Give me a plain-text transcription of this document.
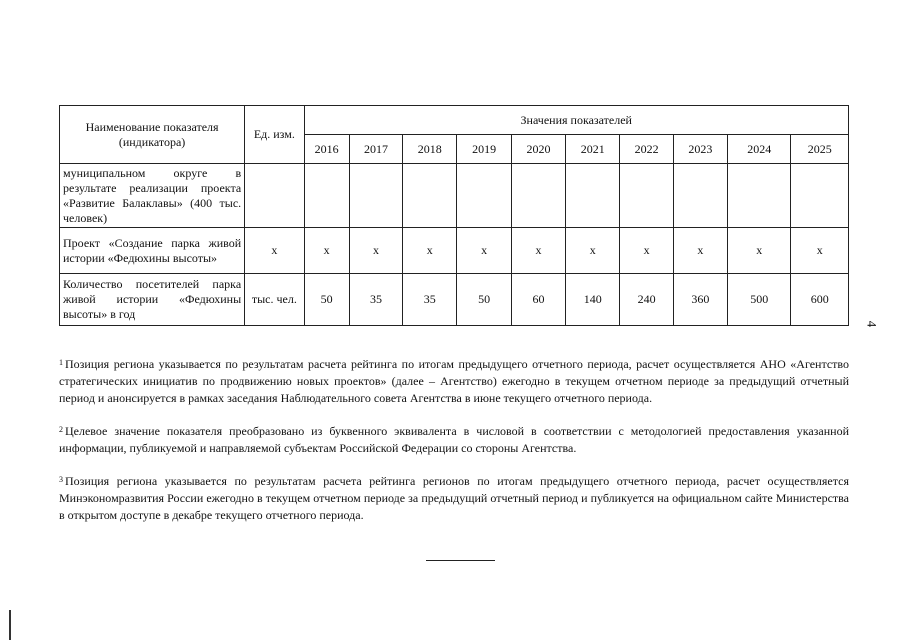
Наименование показателя (индикатора)	Ед. изм.	Значения показателей									
		2016	2017	2018	2019	2020	2021	2022	2023	2024	2025
муниципальном округе в результате реализации проекта «Развитие Балаклавы» (400 тыс. человек)											
Проект «Создание парка живой истории «Федюхины высоты»	х	х	х	х	х	х	х	х	х	х	х
Количество посетителей парка живой истории «Федюхины высоты» в год	тыс. чел.	50	35	35	50	60	140	240	360	500	600

$^1$ Позиция региона указывается по результатам расчета рейтинга по итогам предыдущего отчетного периода, расчет осуществляется АНО «Агентство стратегических инициатив по продвижению новых проектов» (далее – Агентство) ежегодно в текущем отчетном периоде за предыдущий отчетный период и анонсируется в рамках заседания Наблюдательного совета Агентства в июне текущего отчетного периода.

$^2$ Целевое значение показателя преобразовано из буквенного эквивалента в числовой в соответствии с методологией предоставления указанной информации, публикуемой и направляемой субъектам Российской Федерации со стороны Агентства.

$^3$ Позиция региона указывается по результатам расчета рейтинга регионов по итогам предыдущего отчетного периода, расчет осуществляется Минэкономразвития России ежегодно в текущем отчетном периоде за предыдущий отчетный период и публикуется на официальном сайте Министерства в открытом доступе в декабре текущего отчетного периода.

4
